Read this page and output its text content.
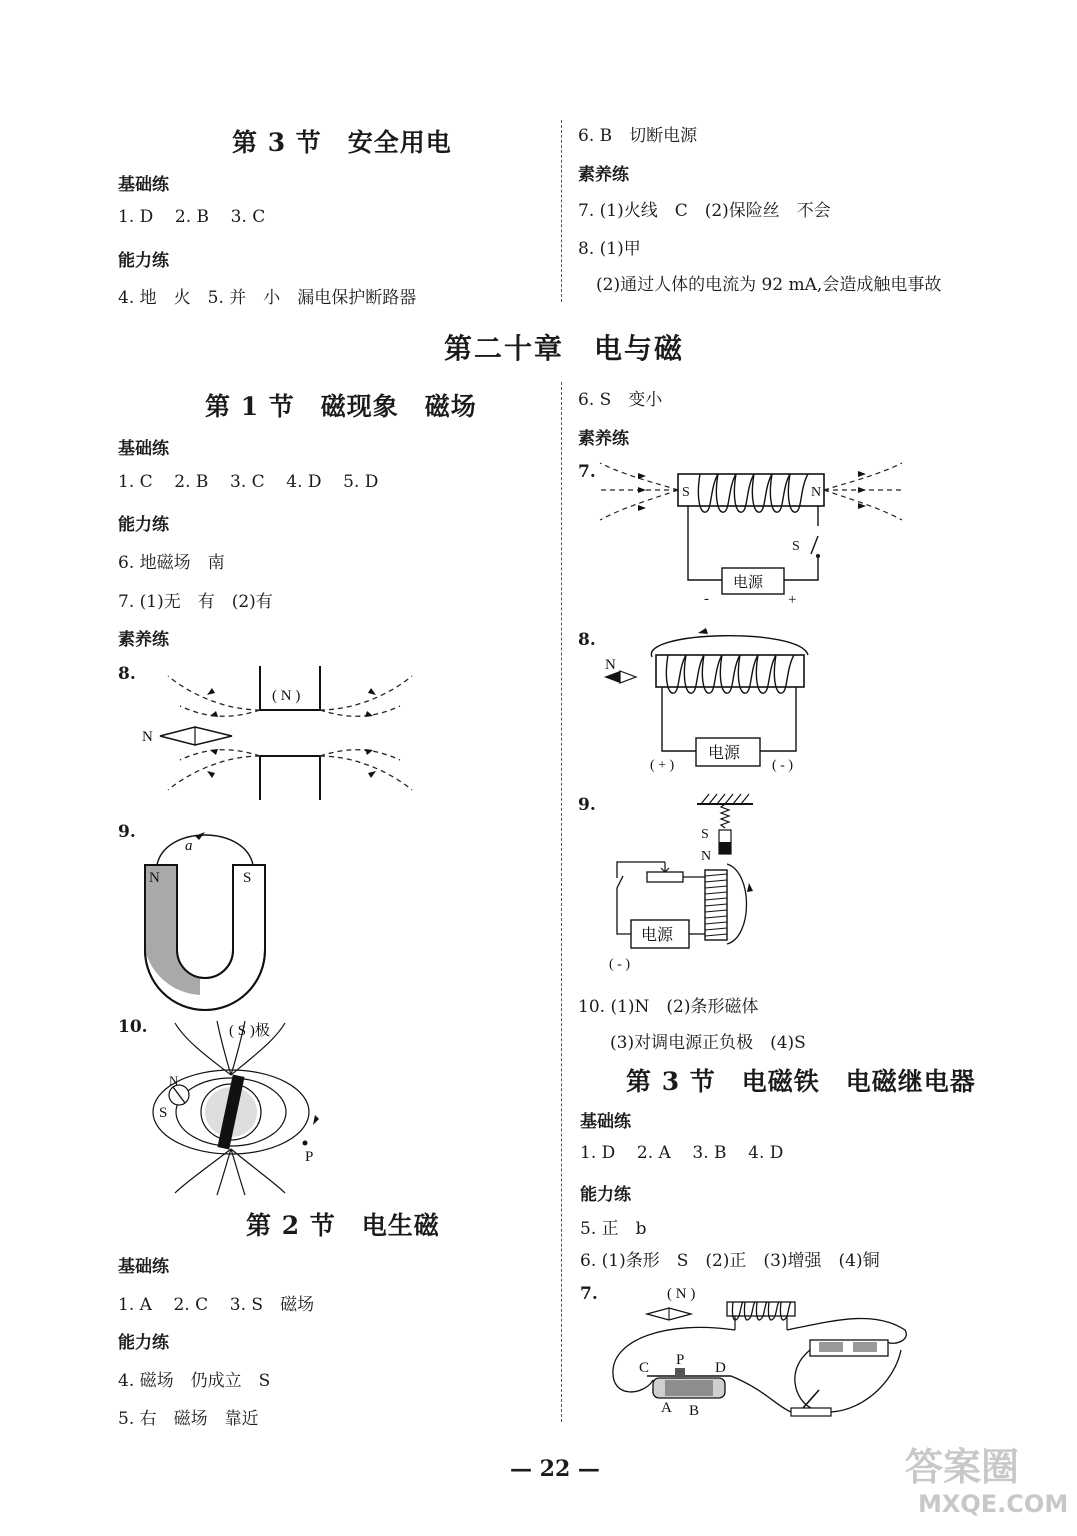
第 3 节　安全用电
基础练
1. D 2. B 3. C
能力练
4. 地　火　5. 并　小　漏电保护断路器
6. B　切断电源
素养练
7. (1)火线　C　(2)保险丝　不会
8. (1)甲
(2)通过人体的电流为 92 mA,会造成触电事故
第二十章　电与磁
第 1 节　磁现象　磁场
基础练
1. C 2. B 3. C 4. D 5. D
能力练
6. 地磁场　南
7. (1)无　有　(2)有
素养练
8.
( N )
N
9.
N	S
a
10.	( S )极
N
S
P
第 2 节　电生磁
基础练
1. A 2. C 3. S　磁场
能力练
4. 磁场　仍成立　S
5. 右　磁场　靠近
6. S　变小
素养练
7.
S	N
S
电源
-	+
8.
N
电源
( + )	( - )
9.
S
N
电源
( - )
10. (1)N　(2)条形磁体
(3)对调电源正负极　(4)S
第 3 节　电磁铁　电磁继电器
基础练
1. D 2. A 3. B 4. D
能力练
5. 正　b
6. (1)条形　S　(2)正　(3)增强　(4)铜
7.	( N )
C P D
A B
— 22 —	答案圈
MXQE.COM
